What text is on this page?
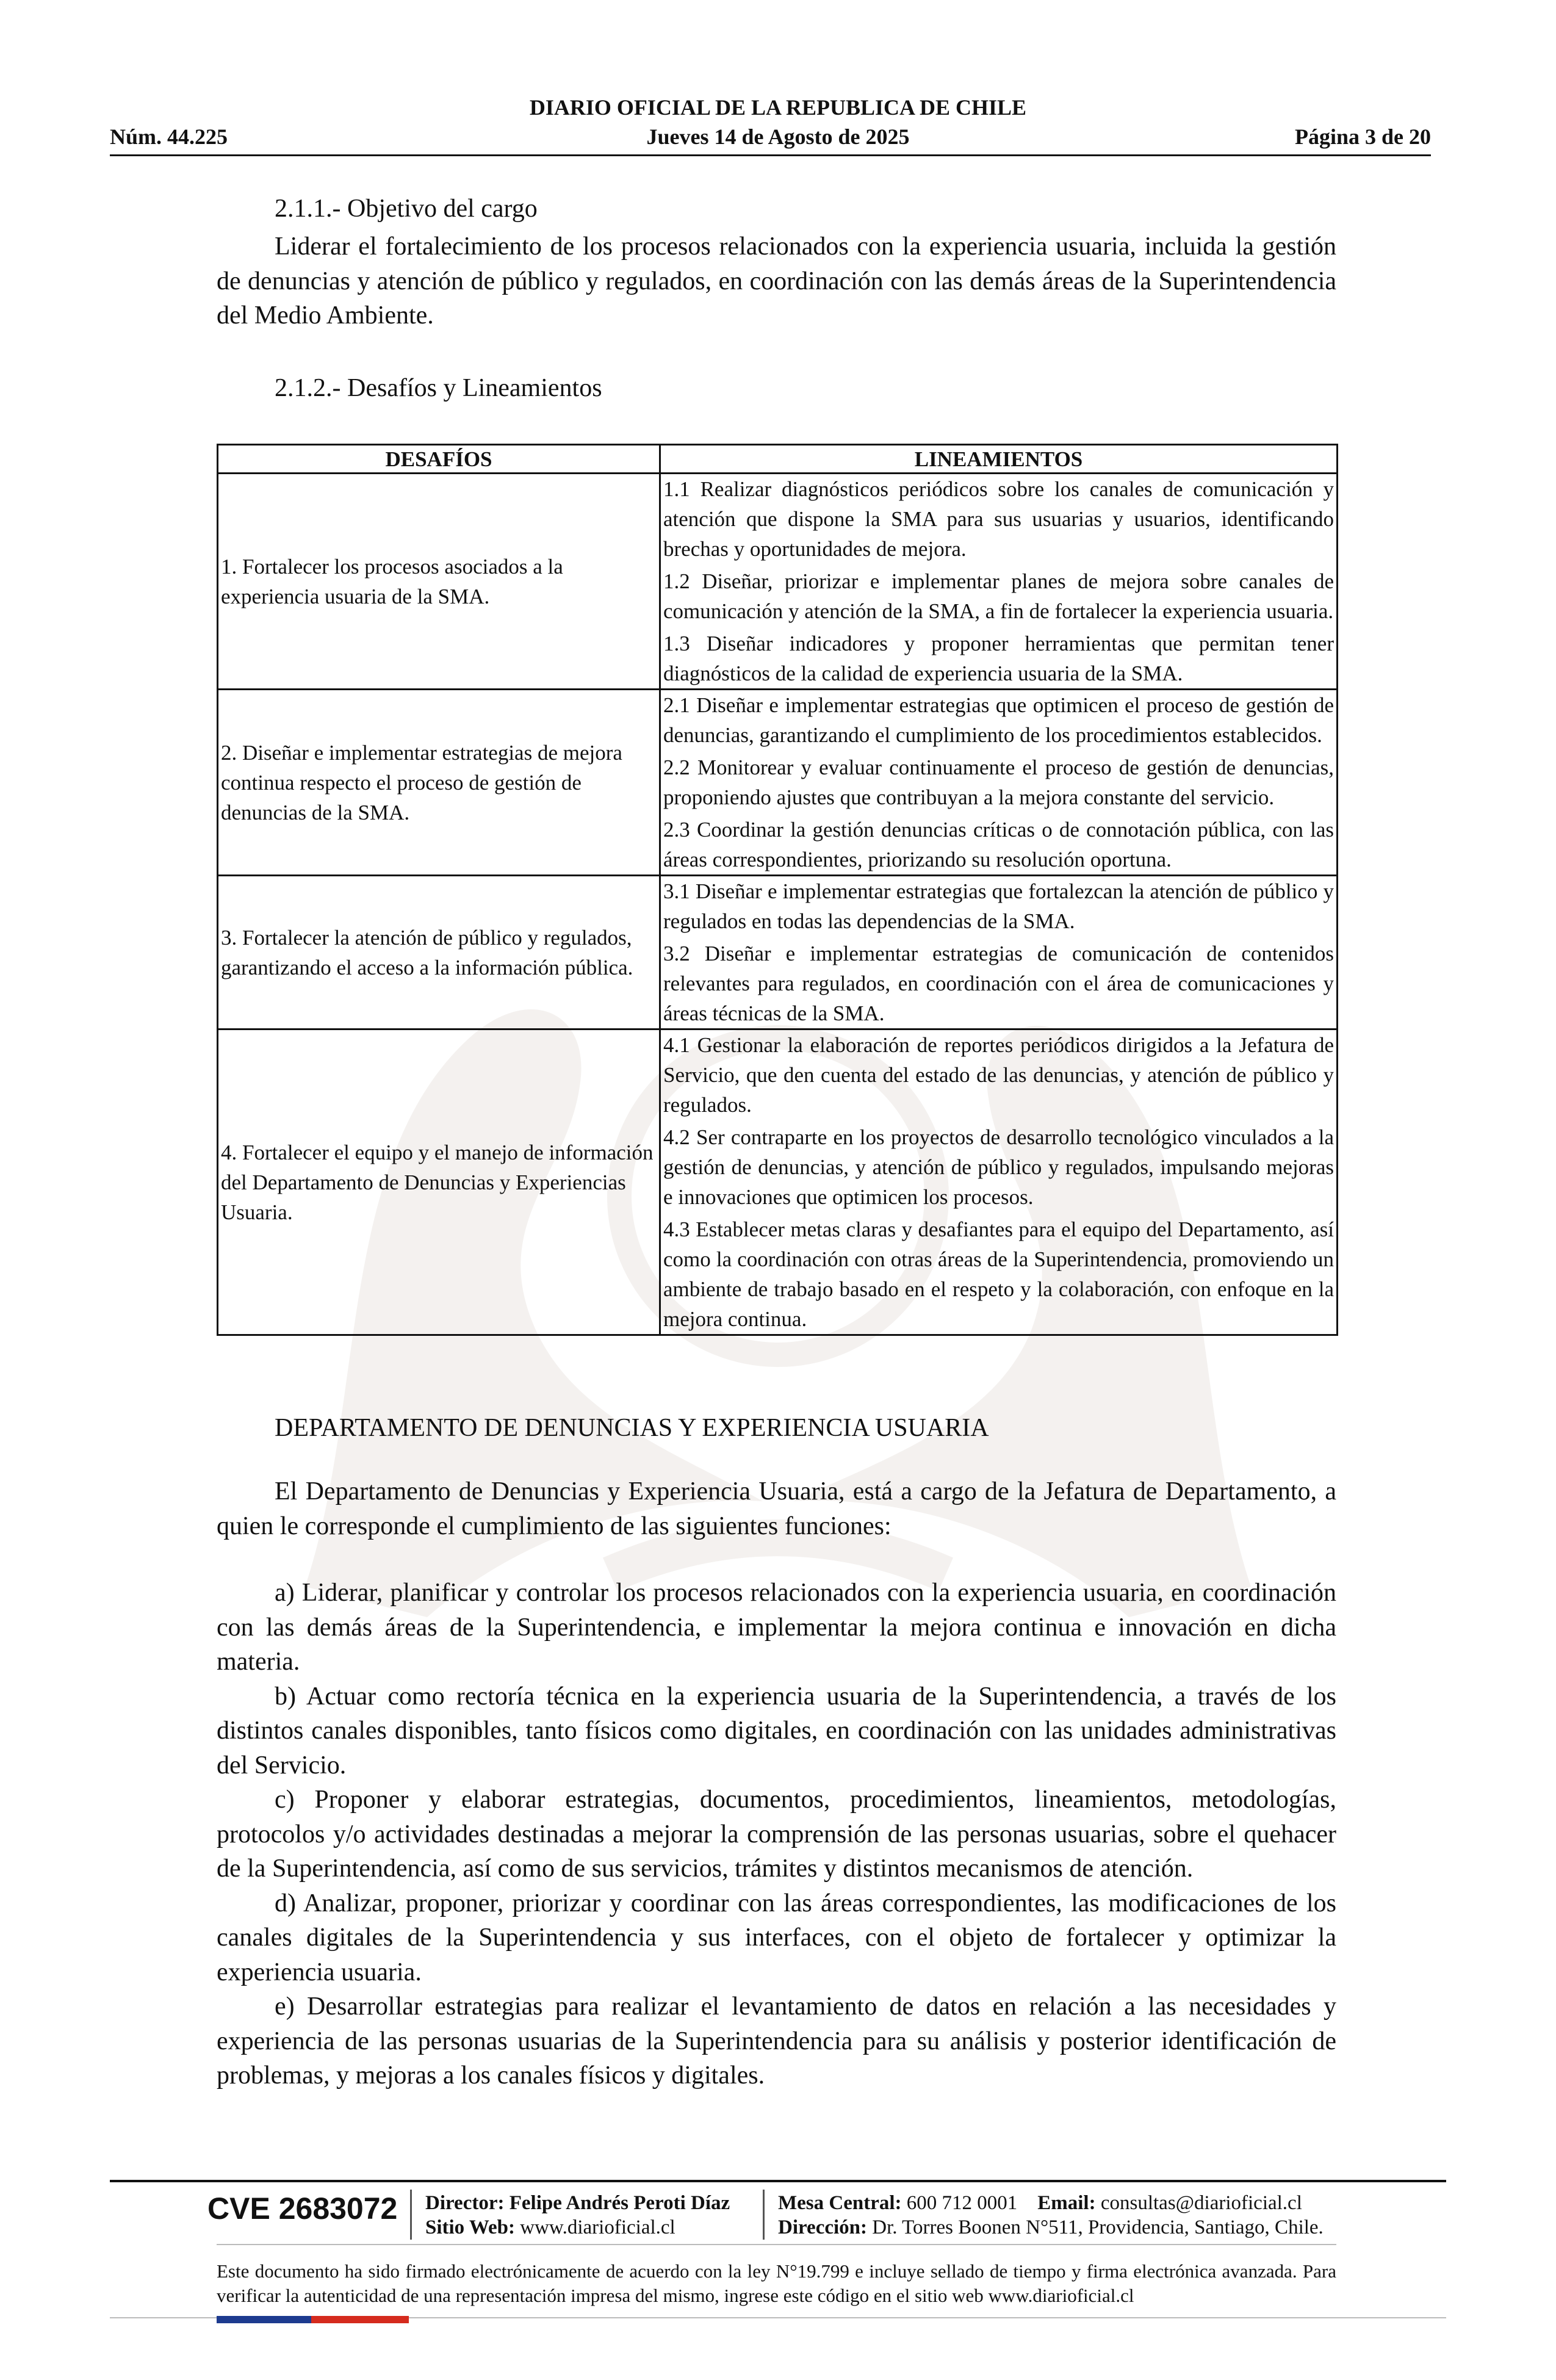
DIARIO OFICIAL DE LA REPUBLICA DE CHILE
Núm. 44.225	Jueves 14 de Agosto de 2025	Página 3 de 20
2.1.1.- Objetivo del cargo
Liderar el fortalecimiento de los procesos relacionados con la experiencia usuaria, incluida la gestión de denuncias y atención de público y regulados, en coordinación con las demás áreas de la Superintendencia del Medio Ambiente.
2.1.2.- Desafíos y Lineamientos
DESAFÍOS	LINEAMIENTOS
1. Fortalecer los procesos asociados a la experiencia usuaria de la SMA.	1.1 Realizar diagnósticos periódicos sobre los canales de comunicación y atención que dispone la SMA para sus usuarias y usuarios, identificando brechas y oportunidades de mejora.
1.2 Diseñar, priorizar e implementar planes de mejora sobre canales de comunicación y atención de la SMA, a fin de fortalecer la experiencia usuaria.
1.3 Diseñar indicadores y proponer herramientas que permitan tener diagnósticos de la calidad de experiencia usuaria de la SMA.

2. Diseñar e implementar estrategias de mejora continua respecto el proceso de gestión de denuncias de la SMA.	2.1 Diseñar e implementar estrategias que optimicen el proceso de gestión de denuncias, garantizando el cumplimiento de los procedimientos establecidos.
2.2 Monitorear y evaluar continuamente el proceso de gestión de denuncias, proponiendo ajustes que contribuyan a la mejora constante del servicio.
2.3 Coordinar la gestión denuncias críticas o de connotación pública, con las áreas correspondientes, priorizando su resolución oportuna.

3. Fortalecer la atención de público y regulados, garantizando el acceso a la información pública.	3.1 Diseñar e implementar estrategias que fortalezcan la atención de público y regulados en todas las dependencias de la SMA.
3.2 Diseñar e implementar estrategias de comunicación de contenidos relevantes para regulados, en coordinación con el área de comunicaciones y áreas técnicas de la SMA.

4. Fortalecer el equipo y el manejo de información del Departamento de Denuncias y Experiencias Usuaria.	4.1 Gestionar la elaboración de reportes periódicos dirigidos a la Jefatura de Servicio, que den cuenta del estado de las denuncias, y atención de público y regulados.
4.2 Ser contraparte en los proyectos de desarrollo tecnológico vinculados a la gestión de denuncias, y atención de público y regulados, impulsando mejoras e innovaciones que optimicen los procesos.
4.3 Establecer metas claras y desafiantes para el equipo del Departamento, así como la coordinación con otras áreas de la Superintendencia, promoviendo un ambiente de trabajo basado en el respeto y la colaboración, con enfoque en la mejora continua.
DEPARTAMENTO DE DENUNCIAS Y EXPERIENCIA USUARIA
El Departamento de Denuncias y Experiencia Usuaria, está a cargo de la Jefatura de Departamento, a quien le corresponde el cumplimiento de las siguientes funciones:
a) Liderar, planificar y controlar los procesos relacionados con la experiencia usuaria, en coordinación con las demás áreas de la Superintendencia, e implementar la mejora continua e innovación en dicha materia.
b) Actuar como rectoría técnica en la experiencia usuaria de la Superintendencia, a través de los distintos canales disponibles, tanto físicos como digitales, en coordinación con las unidades administrativas del Servicio.
c) Proponer y elaborar estrategias, documentos, procedimientos, lineamientos, metodologías, protocolos y/o actividades destinadas a mejorar la comprensión de las personas usuarias, sobre el quehacer de la Superintendencia, así como de sus servicios, trámites y distintos mecanismos de atención.
d) Analizar, proponer, priorizar y coordinar con las áreas correspondientes, las modificaciones de los canales digitales de la Superintendencia y sus interfaces, con el objeto de fortalecer y optimizar la experiencia usuaria.
e) Desarrollar estrategias para realizar el levantamiento de datos en relación a las necesidades y experiencia de las personas usuarias de la Superintendencia para su análisis y posterior identificación de problemas, y mejoras a los canales físicos y digitales.
CVE 2683072 Director: Felipe Andrés Peroti Díaz
Sitio Web: www.diarioficial.cl
Mesa Central: 600 712 0001 Email: consultas@diarioficial.cl
Dirección: Dr. Torres Boonen N°511, Providencia, Santiago, Chile.
Este documento ha sido firmado electrónicamente de acuerdo con la ley N°19.799 e incluye sellado de tiempo y firma electrónica avanzada. Para verificar la autenticidad de una representación impresa del mismo, ingrese este código en el sitio web www.diarioficial.cl
